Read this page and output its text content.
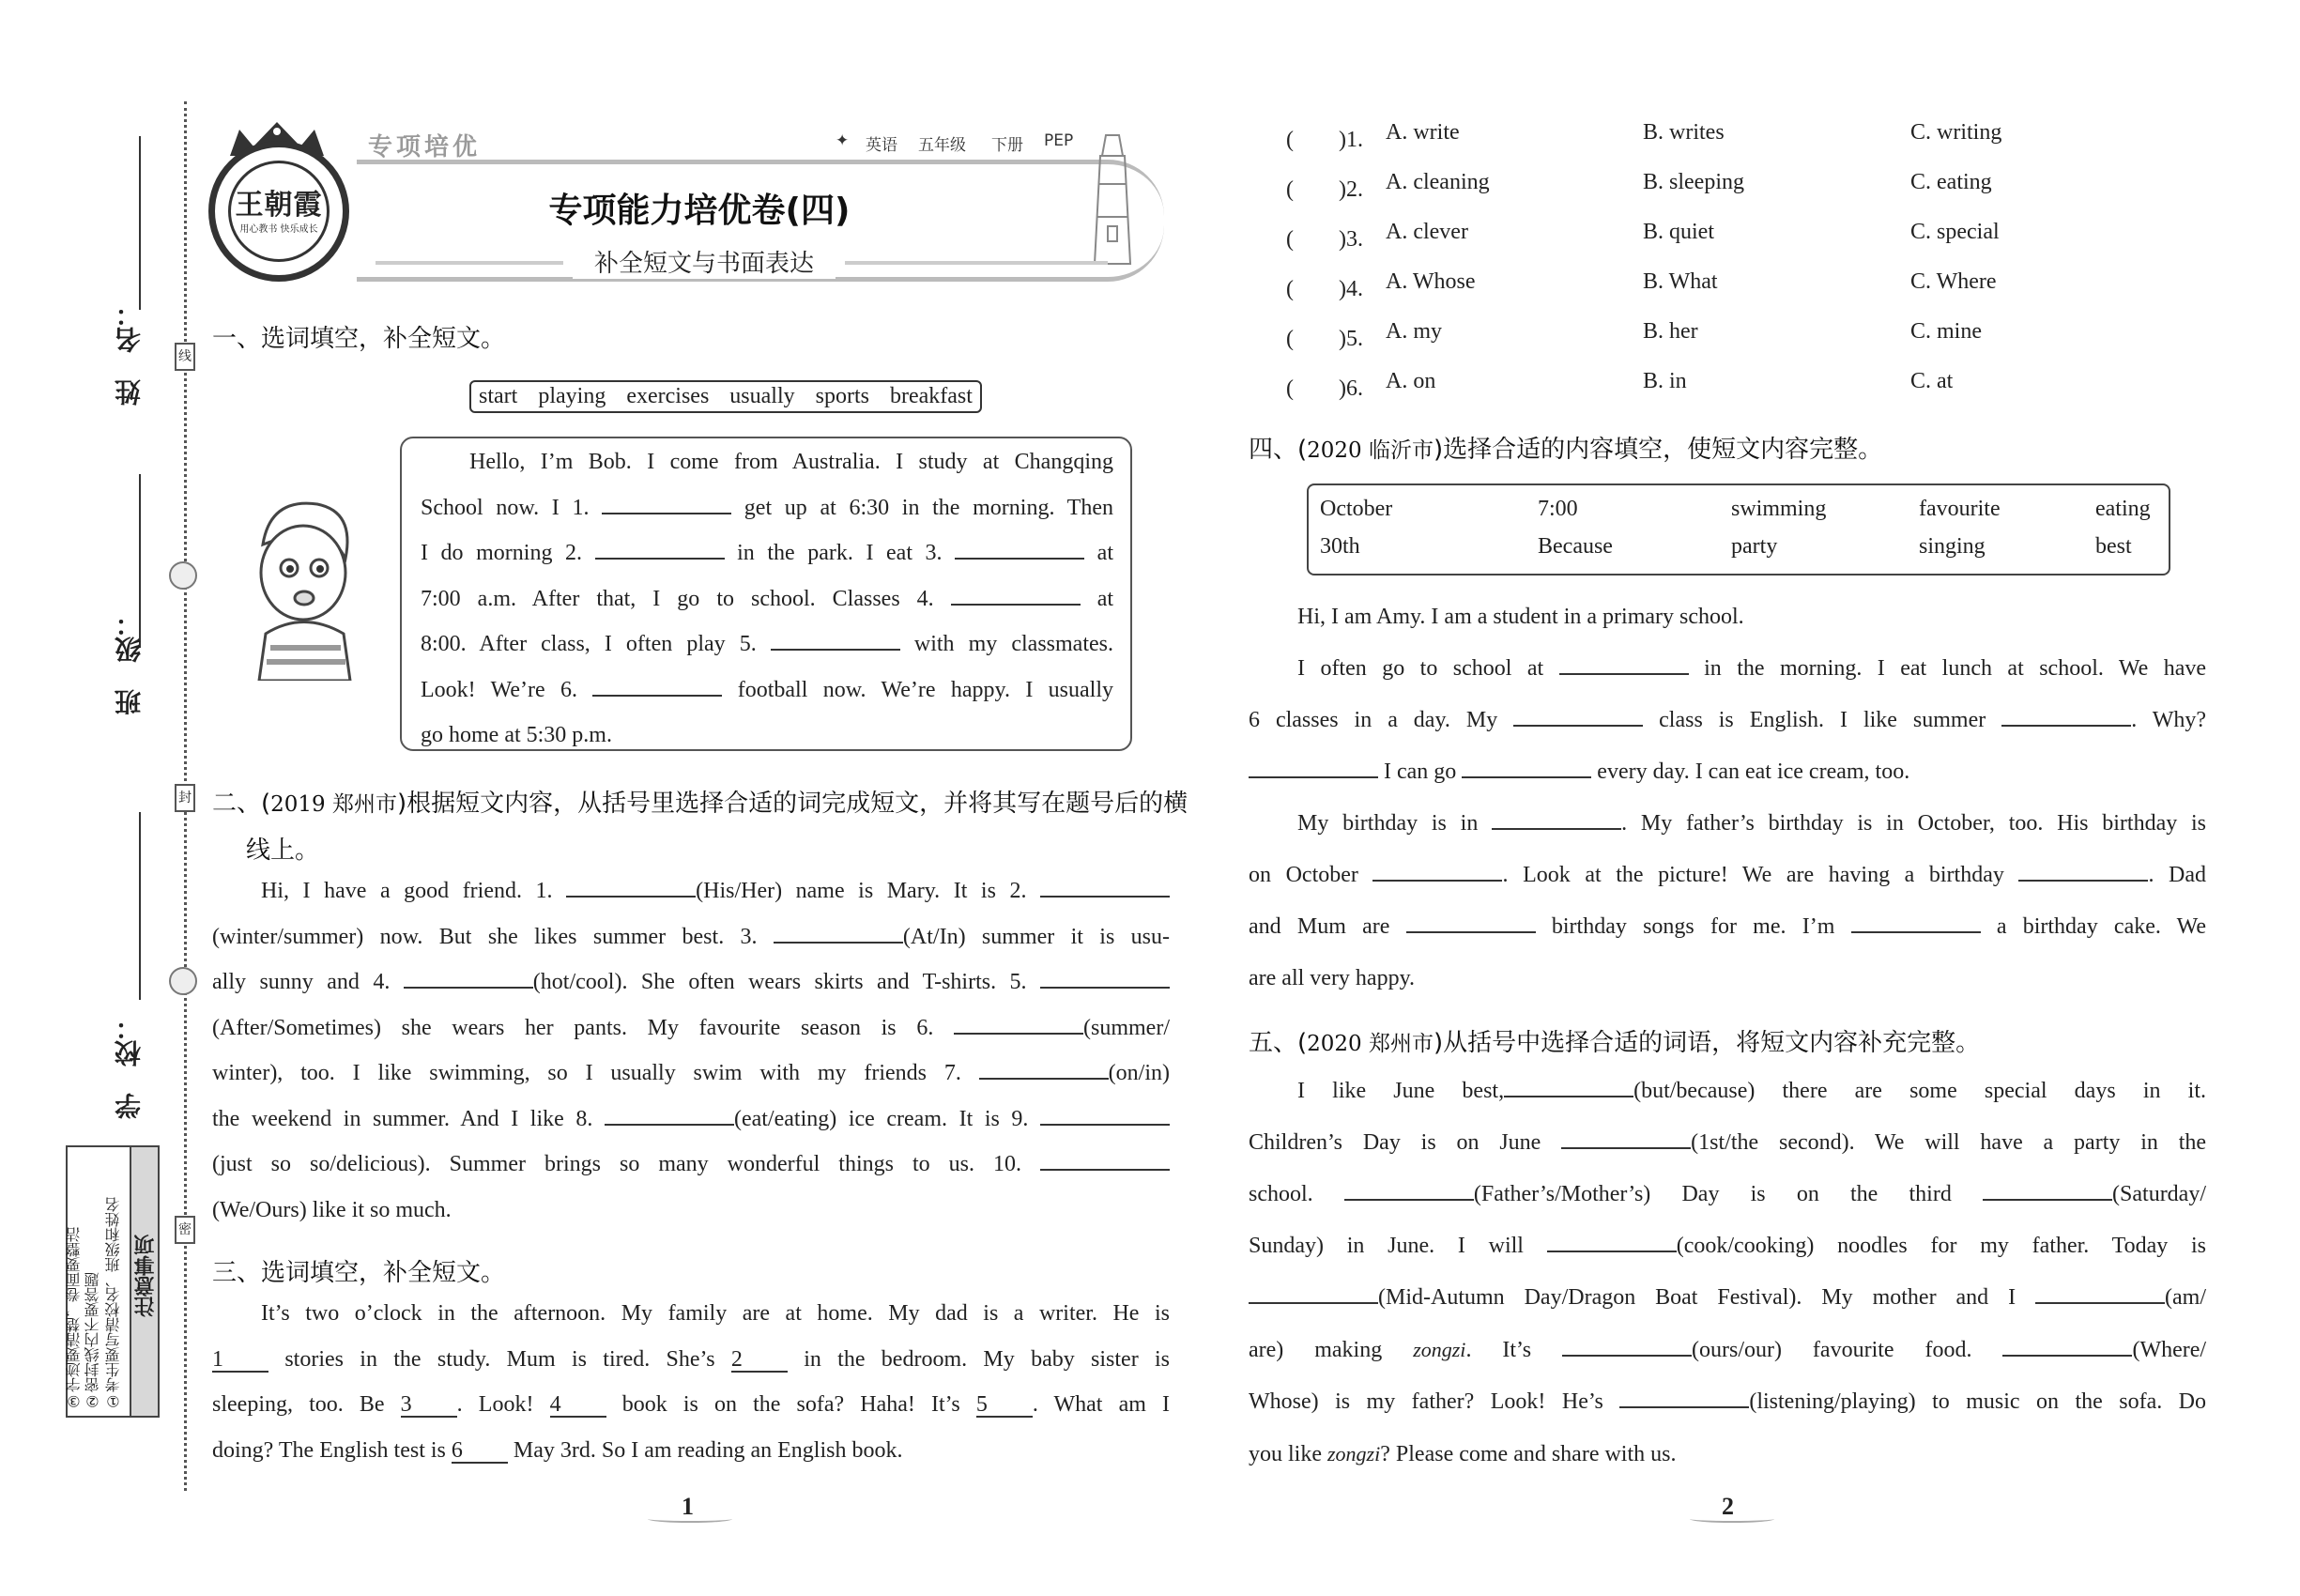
线
封
密
姓　名：
班　级：
学　校：
注意事项
①考生要写清校名、班级和姓名
②密封线内不要答题
③字迹要清楚，卷面要整洁
王朝霞
用心教书 快乐成长
专项培优	✦ 英语 五年级 下册 PEP
专项能力培优卷(四)
补全短文与书面表达
一、选词填空，补全短文。
start playing exercises usually sports breakfast
Hello, I’m Bob. I come from Australia. I study at Changqing
School now. I 1.	get up at 6:30 in the morning. Then
I do morning 2.	in the park. I eat 3.	at
7:00 a.m. After that, I go to school. Classes 4.	at
8:00. After class, I often play 5.	with my classmates.
Look! We’re 6.	football now. We’re happy. I usually
go home at 5:30 p.m.
二、(2019 郑州市)根据短文内容，从括号里选择合适的词完成短文，并将其写在题号后的横
线上。
Hi, I have a good friend. 1.	(His/Her) name is Mary. It is 2.
(winter/summer) now. But she likes summer best. 3.	(At/In) summer it is usu-
ally sunny and 4.	(hot/cool). She often wears skirts and T-shirts. 5.
(After/Sometimes) she wears her pants. My favourite season is 6.	(summer/
winter), too. I like swimming, so I usually swim with my friends 7.	(on/in)
the weekend in summer. And I like 8.	(eat/eating) ice cream. It is 9.
(just so so/delicious). Summer brings so many wonderful things to us. 10.
(We/Ours) like it so much.
三、选词填空，补全短文。
It’s two o’clock in the afternoon. My family are at home. My dad is a writer. He is
1	stories in the study. Mum is tired. She’s 2	in the bedroom. My baby sister is
sleeping, too. Be 3 . Look! 4	book is on the sofa? Haha! It’s 5 . What am I
doing? The English test is 6 May 3rd. So I am reading an English book.
1
(　　)1. A. write	B. writes	C. writing
(　　)2. A. cleaning	B. sleeping	C. eating
(　　)3. A. clever	B. quiet	C. special
(　　)4. A. Whose	B. What	C. Where
(　　)5. A. my	B. her	C. mine
(　　)6. A. on	B. in	C. at
四、(2020 临沂市)选择合适的内容填空，使短文内容完整。
October	7:00	swimming	favourite	eating
30th	Because	party	singing	best
Hi, I am Amy. I am a student in a primary school.
I often go to school at	in the morning. I eat lunch at school. We have
6 classes in a day. My	class is English. I like summer	. Why?
I can go	every day. I can eat ice cream, too.
My birthday is in	. My father’s birthday is in October, too. His birthday is
on October	. Look at the picture! We are having a birthday	. Dad
and Mum are	birthday songs for me. I’m	a birthday cake. We
are all very happy.
五、(2020 郑州市)从括号中选择合适的词语，将短文内容补充完整。
I like June best,	(but/because) there are some special days in it.
Children’s Day is on June	(1st/the second). We will have a party in the
school.	(Father’s/Mother’s) Day is on the third	(Saturday/
Sunday) in June. I will	(cook/cooking) noodles for my father. Today is
(Mid-Autumn Day/Dragon Boat Festival). My mother and I	(am/
are) making zongzi. It’s	(ours/our) favourite food.	(Where/
Whose) is my father? Look! He’s	(listening/playing) to music on the sofa. Do
you like zongzi? Please come and share with us.
2
